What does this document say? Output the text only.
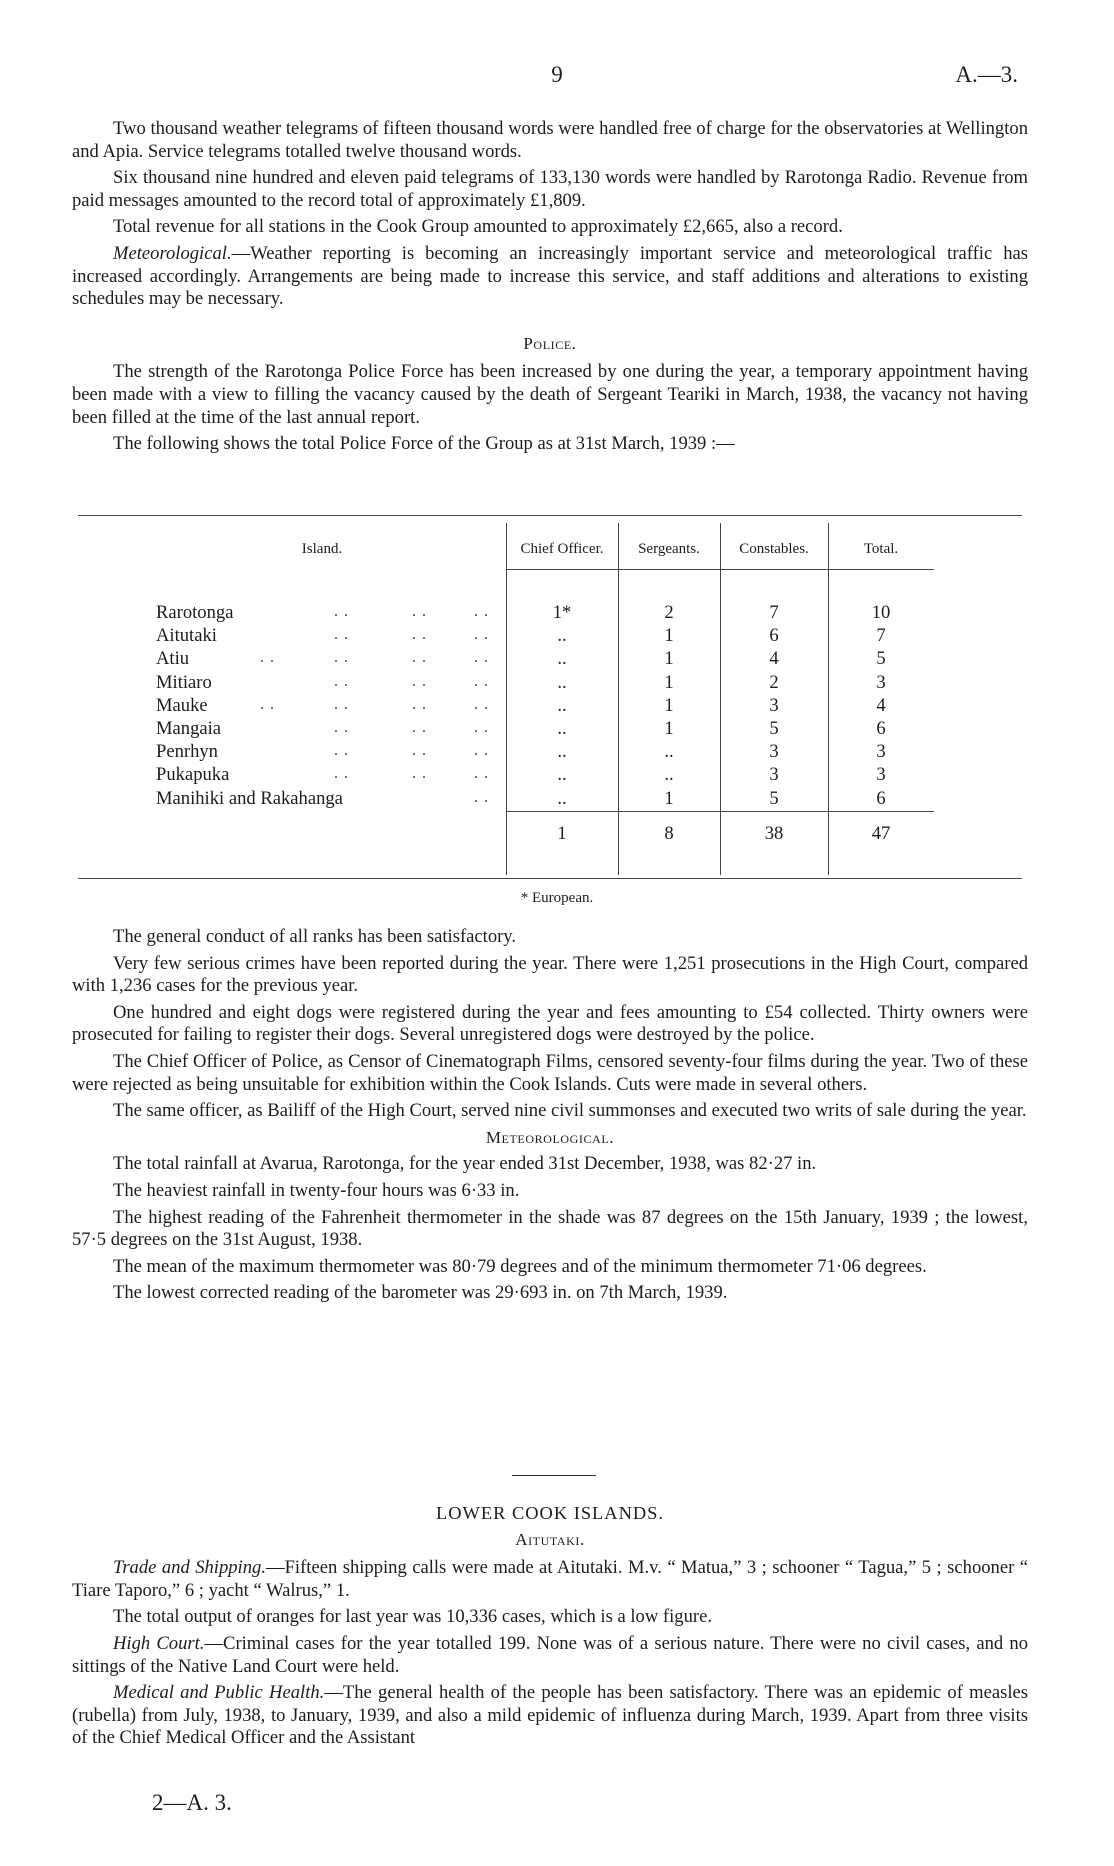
9	A.—3.

Two thousand weather telegrams of fifteen thousand words were handled free of charge for the observatories at Wellington and Apia. Service telegrams totalled twelve thousand words.

Six thousand nine hundred and eleven paid telegrams of 133,130 words were handled by Rarotonga Radio. Revenue from paid messages amounted to the record total of approximately £1,809.

Total revenue for all stations in the Cook Group amounted to approximately £2,665, also a record.

Meteorological.—Weather reporting is becoming an increasingly important service and meteorological traffic has increased accordingly. Arrangements are being made to increase this service, and staff additions and alterations to existing schedules may be necessary.

Police.

The strength of the Rarotonga Police Force has been increased by one during the year, a temporary appointment having been made with a view to filling the vacancy caused by the death of Sergeant Teariki in March, 1938, the vacancy not having been filled at the time of the last annual report.

The following shows the total Police Force of the Group as at 31st March, 1939 :—

Island.	Chief Officer.	Sergeants.	Constables.	Total.
Rarotonga	. .	. .	. .	1*	2	7	10
Aitutaki	. .	. .	. .	..	1	6	7
Atiu	. .	. .	. .	. .	..	1	4	5
Mitiaro	. .	. .	. .	..	1	2	3
Mauke	. .	. .	. .	. .	..	1	3	4
Mangaia	. .	. .	. .	..	1	5	6
Penrhyn	. .	. .	. .	..	..	3	3
Pukapuka	. .	. .	. .	..	..	3	3
Manihiki and Rakahanga	. .	..	1	5	6
1	8	38	47
* European.

The general conduct of all ranks has been satisfactory.

Very few serious crimes have been reported during the year. There were 1,251 prosecutions in the High Court, compared with 1,236 cases for the previous year.

One hundred and eight dogs were registered during the year and fees amounting to £54 collected. Thirty owners were prosecuted for failing to register their dogs. Several unregistered dogs were destroyed by the police.

The Chief Officer of Police, as Censor of Cinematograph Films, censored seventy-four films during the year. Two of these were rejected as being unsuitable for exhibition within the Cook Islands. Cuts were made in several others.

The same officer, as Bailiff of the High Court, served nine civil summonses and executed two writs of sale during the year.

Meteorological.

The total rainfall at Avarua, Rarotonga, for the year ended 31st December, 1938, was 82·27 in.

The heaviest rainfall in twenty-four hours was 6·33 in.

The highest reading of the Fahrenheit thermometer in the shade was 87 degrees on the 15th January, 1939 ; the lowest, 57·5 degrees on the 31st August, 1938.

The mean of the maximum thermometer was 80·79 degrees and of the minimum thermometer 71·06 degrees.

The lowest corrected reading of the barometer was 29·693 in. on 7th March, 1939.

LOWER COOK ISLANDS.
Aitutaki.

Trade and Shipping.—Fifteen shipping calls were made at Aitutaki. M.v. “ Matua,” 3 ; schooner “ Tagua,” 5 ; schooner “ Tiare Taporo,” 6 ; yacht “ Walrus,” 1.

The total output of oranges for last year was 10,336 cases, which is a low figure.

High Court.—Criminal cases for the year totalled 199. None was of a serious nature. There were no civil cases, and no sittings of the Native Land Court were held.

Medical and Public Health.—The general health of the people has been satisfactory. There was an epidemic of measles (rubella) from July, 1938, to January, 1939, and also a mild epidemic of influenza during March, 1939. Apart from three visits of the Chief Medical Officer and the Assistant

2—A. 3.
